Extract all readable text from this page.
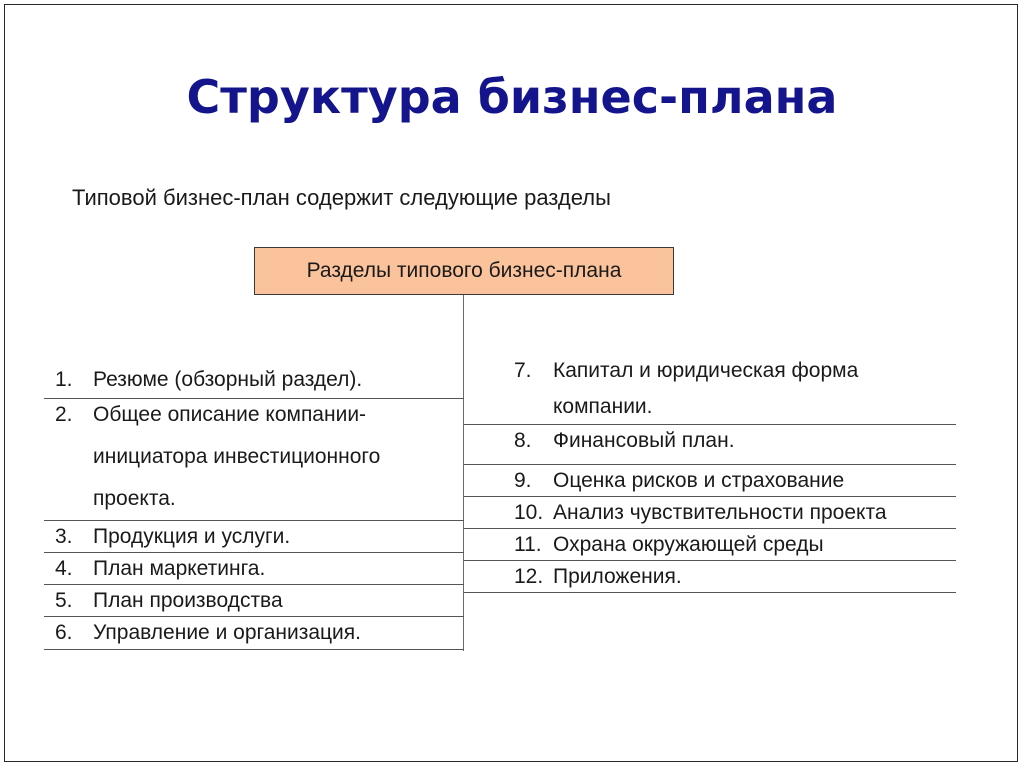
Структура бизнес-плана
Типовой бизнес-план содержит следующие разделы
Разделы типового бизнес-плана
1. Резюме (обзорный раздел).
2. Общее описание компании-
инициатора инвестиционного
проекта.
3. Продукция и услуги.
4. План маркетинга.
5. План производства
6. Управление и организация.
7.	Капитал и юридическая форма
компании.
8.	Финансовый план.
9.	Оценка рисков и страхование
10. Анализ чувствительности проекта
11. Охрана окружающей среды
12. Приложения.
